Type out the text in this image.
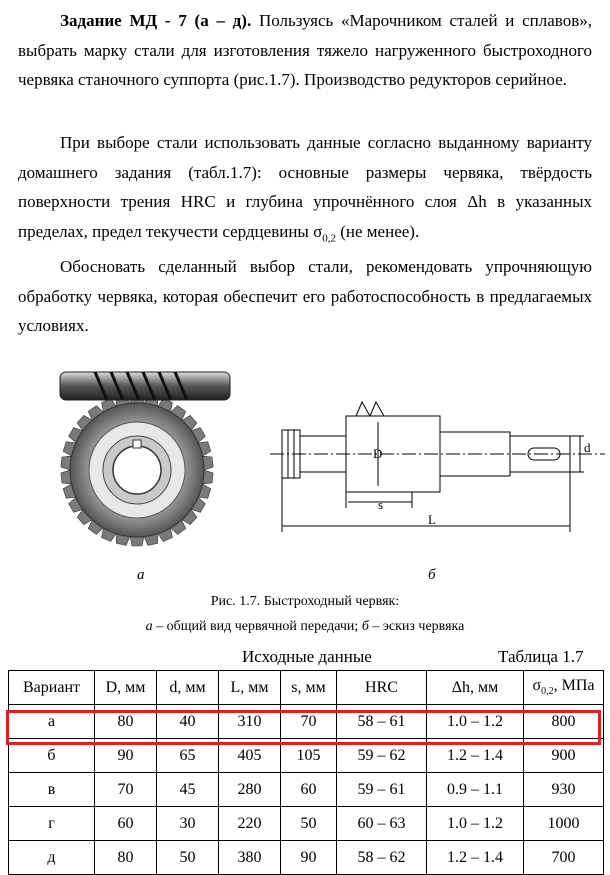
Задание МД - 7 (а – д). Пользуясь «Марочником сталей и сплавов», выбрать марку стали для изготовления тяжело нагруженного быстроходного червяка станочного суппорта (рис.1.7). Производство редукторов серийное.

При выборе стали использовать данные согласно выданному варианту домашнего задания (табл.1.7): основные размеры червяка, твёрдость поверхности трения HRC и глубина упрочнённого слоя Δh в указанных пределах, предел текучести сердцевины $\sigma_{0,2}$ (не менее).

Обосновать сделанный выбор стали, рекомендовать упрочняющую обработку червяка, которая обеспечит его работоспособность в предлагаемых условиях.

D	d
s
L
а	б
Рис. 1.7. Быстроходный червяк:
а – общий вид червячной передачи; б – эскиз червяка
Исходные данные	Таблица 1.7
Вариант	D, мм	d, мм	L, мм	s, мм	HRC	Δh, мм	$\sigma_{0,2}$, МПа
а	80	40	310	70	58 – 61	1.0 – 1.2	800
б	90	65	405	105	59 – 62	1.2 – 1.4	900
в	70	45	280	60	59 – 61	0.9 – 1.1	930
г	60	30	220	50	60 – 63	1.0 – 1.2	1000
д	80	50	380	90	58 – 62	1.2 – 1.4	700
